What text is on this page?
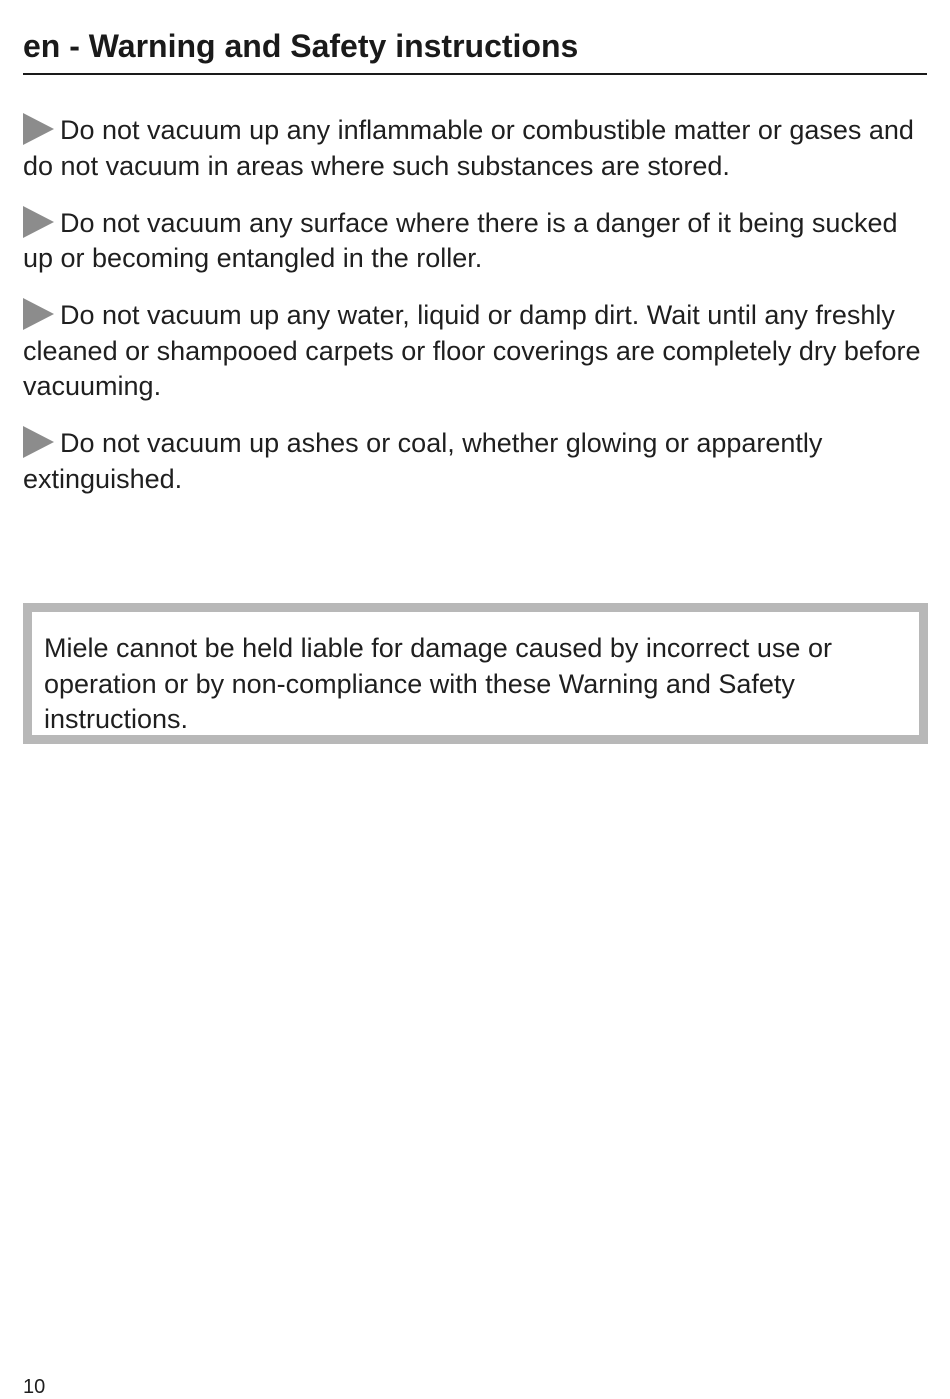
en - Warning and Safety instructions
Do not vacuum up any inflammable or combustible matter or gases and do not vacuum in areas where such substances are stored.
Do not vacuum any surface where there is a danger of it being sucked up or becoming entangled in the roller.
Do not vacuum up any water, liquid or damp dirt. Wait until any freshly cleaned or shampooed carpets or floor coverings are completely dry before vacuuming.
Do not vacuum up ashes or coal, whether glowing or apparently extinguished.

Miele cannot be held liable for damage caused by incorrect use or operation or by non-compliance with these Warning and Safety instructions.

10
